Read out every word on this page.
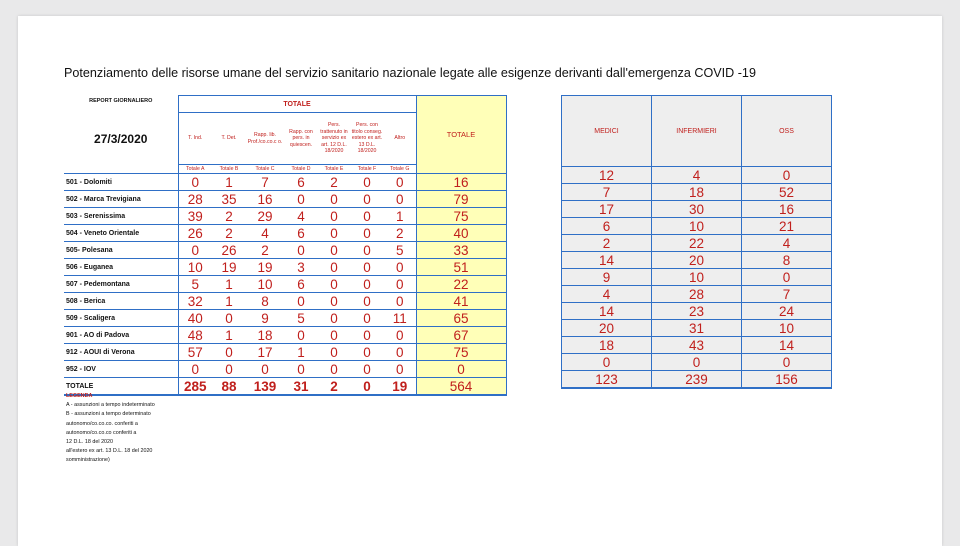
Potenziamento delle risorse umane del servizio sanitario nazionale legate alle esigenze derivanti dall'emergenza COVID -19
REPORT GIORNALIERO	TOTALE							TOTALE
27/3/2020	T. Ind.	T. Det.	Rapp. lib. Prof./co.co.c o.	Rapp. con pers. in quiescen.	Pers. trattenuto in servizio ex art. 12 D.L. 18/2020	Pers. con titolo conseg. estero ex art. 13 D.L. 18/2020	Altro	
	Totale A	Totale B	Totale C	Totale D	Totale E	Totale F	Totale G	
501 - Dolomiti	0	1	7	6	2	0	0	16
502 - Marca Trevigiana	28	35	16	0	0	0	0	79
503 - Serenissima	39	2	29	4	0	0	1	75
504 - Veneto Orientale	26	2	4	6	0	0	2	40
505- Polesana	0	26	2	0	0	0	5	33
506 - Euganea	10	19	19	3	0	0	0	51
507 - Pedemontana	5	1	10	6	0	0	0	22
508 - Berica	32	1	8	0	0	0	0	41
509 - Scaligera	40	0	9	5	0	0	11	65
901 - AO di Padova	48	1	18	0	0	0	0	67
912 - AOUI di Verona	57	0	17	1	0	0	0	75
952 - IOV	0	0	0	0	0	0	0	0
TOTALE	285	88	139	31	2	0	19	564
MEDICI	INFERMIERI	OSS
12	4	0
7	18	52
17	30	16
6	10	21
2	22	4
14	20	8
9	10	0
4	28	7
14	23	24
20	31	10
18	43	14
0	0	0
123	239	156
LEGENDA
A - assunzioni a tempo indeterminato
B - assunzioni a tempo determinato
autonomo/co.co.co. conferiti a
autonomo/co.co.co conferiti a
12 D.L. 18 del 2020
all'estero ex art. 13 D.L. 18 del 2020
somministrazione)
